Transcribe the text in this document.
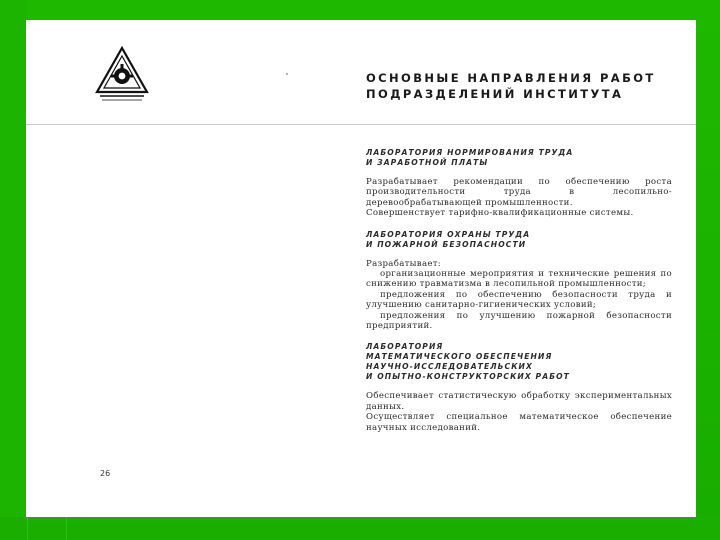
ОСНОВНЫЕ НАПРАВЛЕНИЯ РАБОТ
ПОДРАЗДЕЛЕНИЙ ИНСТИТУТА
ЛАБОРАТОРИЯ НОРМИРОВАНИЯ ТРУДА
И ЗАРАБОТНОЙ ПЛАТЫ

Разрабатывает рекомендации по обеспечению роста производительности труда в лесопильно-деревообрабатывающей промышленности.

Совершенствует тарифно-квалификационные системы.

ЛАБОРАТОРИЯ ОХРАНЫ ТРУДА
И ПОЖАРНОЙ БЕЗОПАСНОСТИ

Разрабатывает:

организационные мероприятия и технические решения по снижению травматизма в лесопильной промышленности;

предложения по обеспечению безопасности труда и улучшению санитарно-гигиенических условий;

предложения по улучшению пожарной безопасности предприятий.

ЛАБОРАТОРИЯ
МАТЕМАТИЧЕСКОГО ОБЕСПЕЧЕНИЯ
НАУЧНО-ИССЛЕДОВАТЕЛЬСКИХ
И ОПЫТНО-КОНСТРУКТОРСКИХ РАБОТ

Обеспечивает статистическую обработку экспериментальных данных.

Осуществляет специальное математическое обеспечение научных исследований.

26
